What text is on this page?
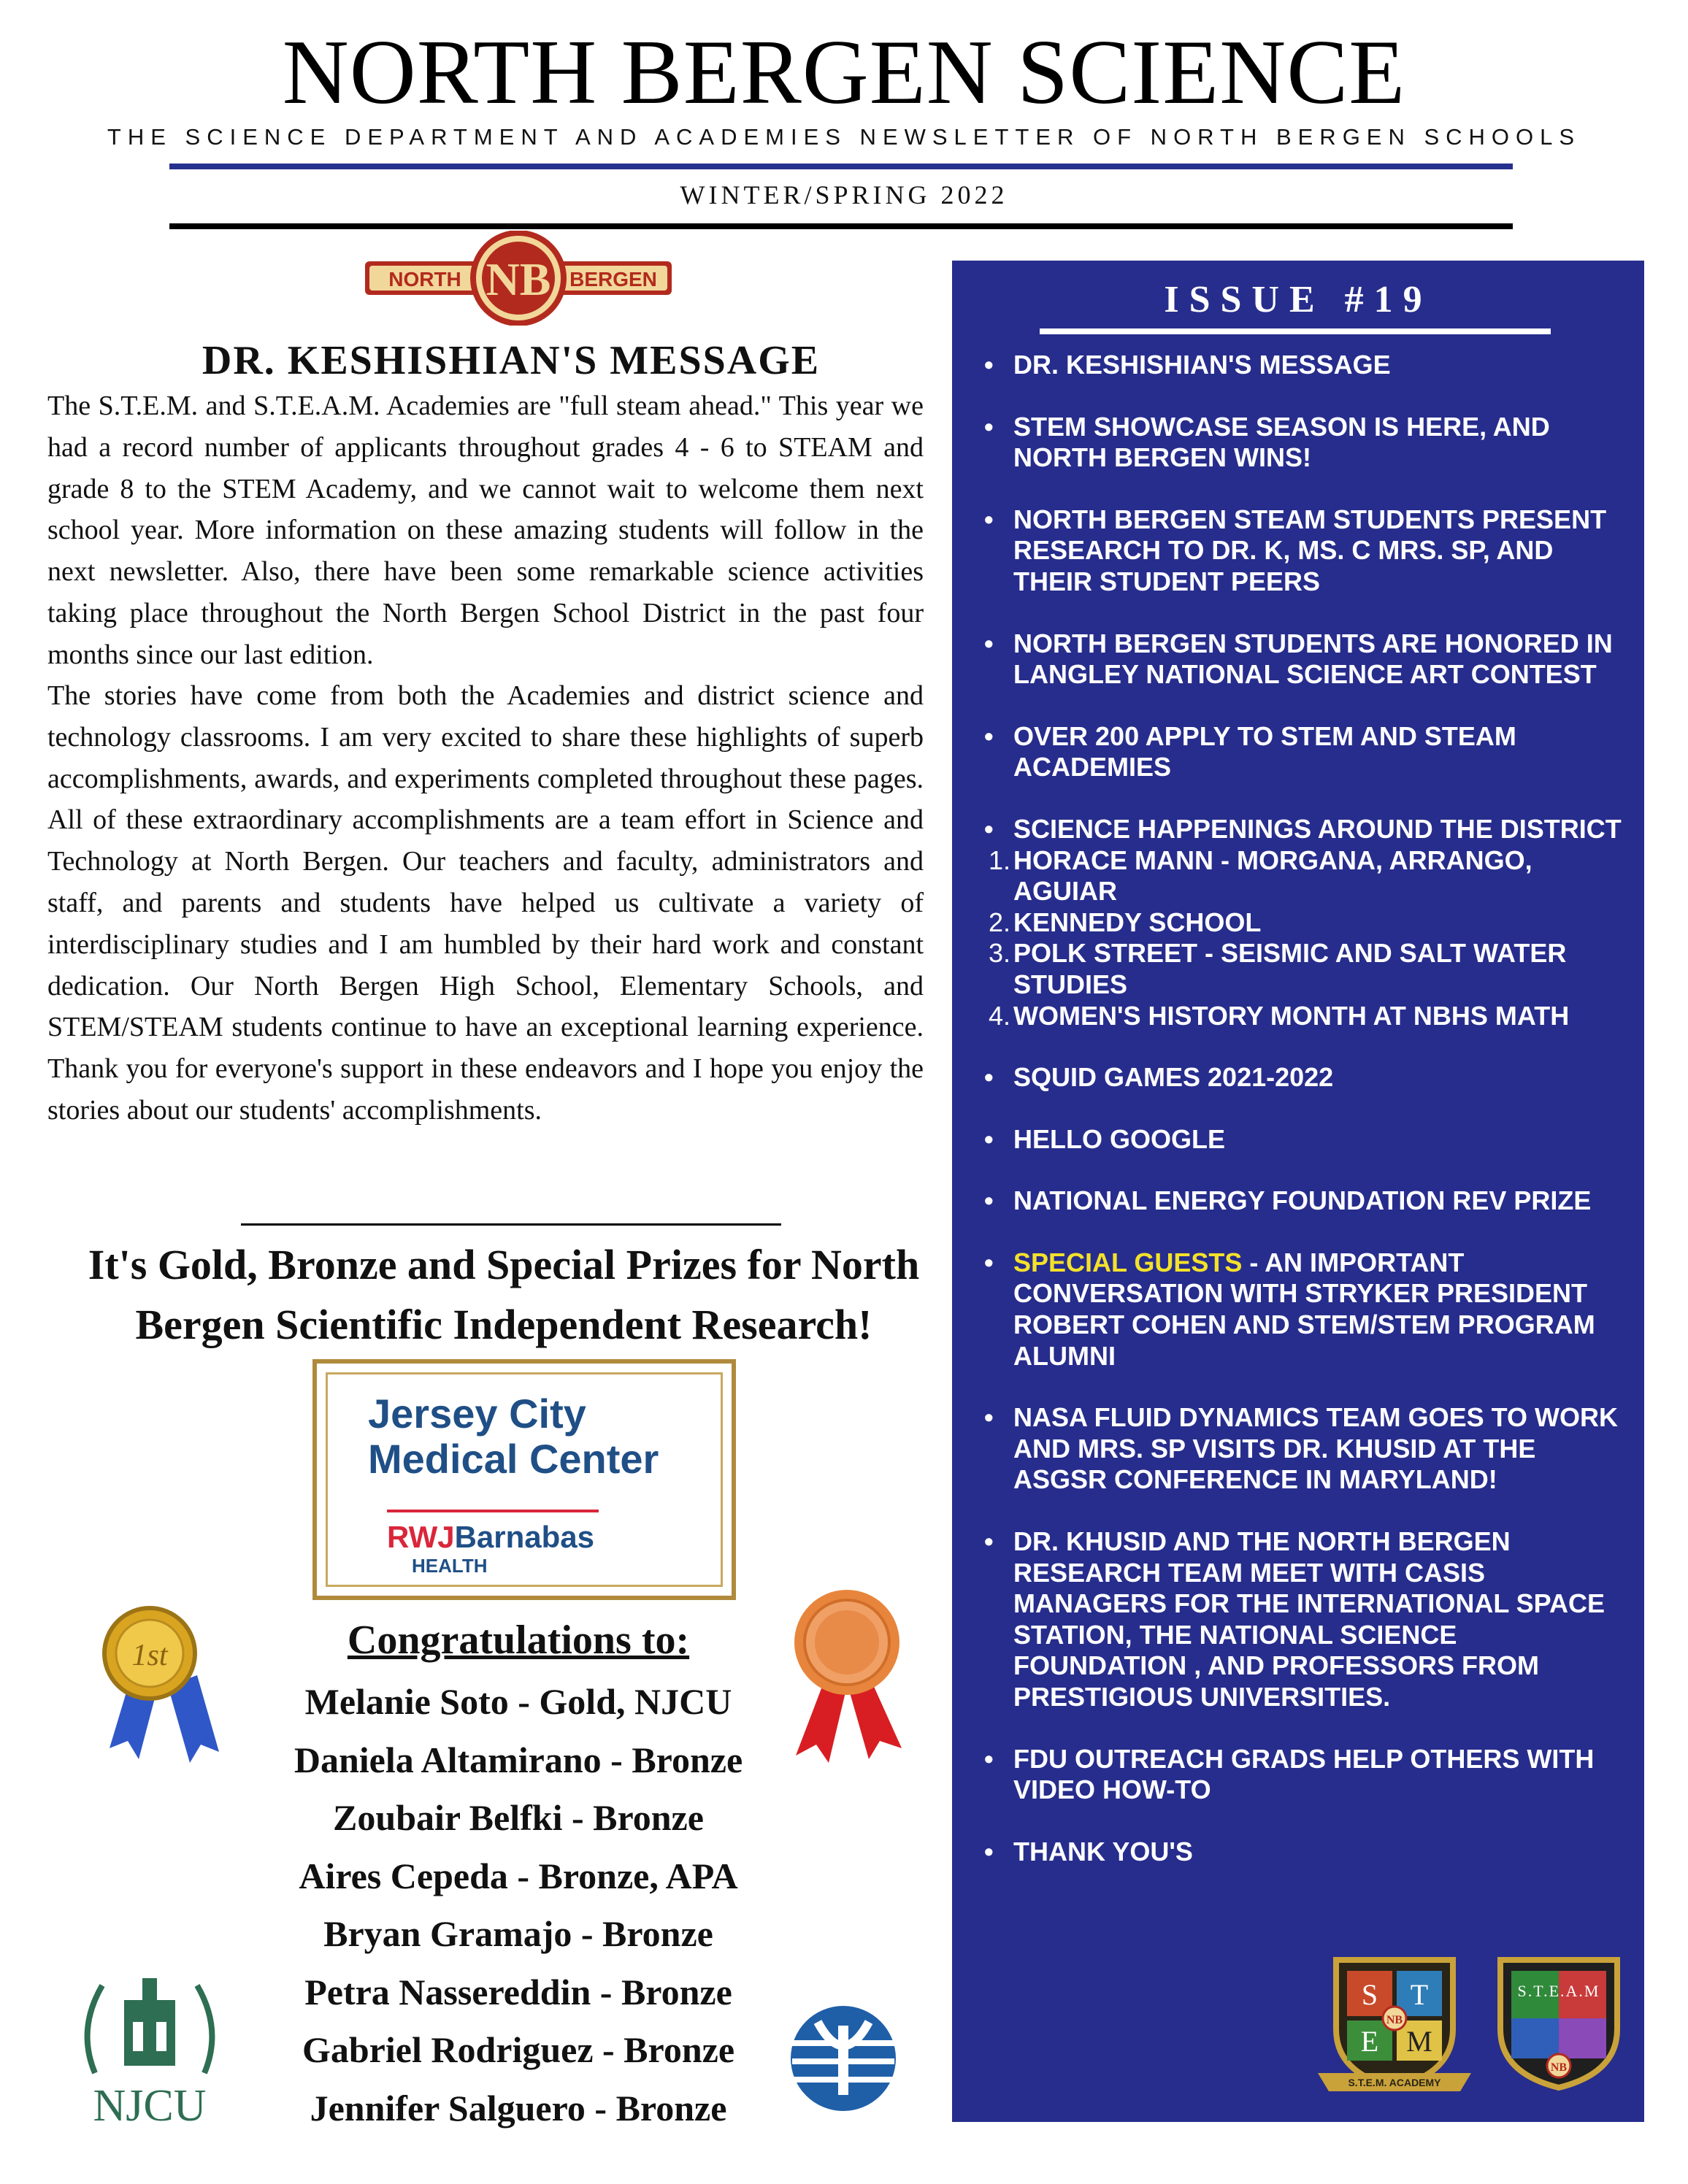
NORTH BERGEN SCIENCE
THE SCIENCE DEPARTMENT AND ACADEMIES NEWSLETTER OF NORTH BERGEN SCHOOLS
WINTER/SPRING 2022
NB
NORTH	BERGEN
DR. KESHISHIAN'S MESSAGE

The S.T.E.M. and S.T.E.A.M. Academies are "full steam ahead." This year we had a record number of applicants throughout grades 4 - 6 to STEAM and grade 8 to the STEM Academy, and we cannot wait to welcome them next school year. More information on these amazing students will follow in the next newsletter. Also, there have been some remarkable science activities taking place throughout the North Bergen School District in the past four months since our last edition.

The stories have come from both the Academies and district science and technology classrooms. I am very excited to share these highlights of superb accomplishments, awards, and experiments completed throughout these pages. All of these extraordinary accomplishments are a team effort in Science and Technology at North Bergen. Our teachers and faculty, administrators and staff, and parents and students have helped us cultivate a variety of interdisciplinary studies and I am humbled by their hard work and constant dedication. Our North Bergen High School, Elementary Schools, and STEM/STEAM students continue to have an exceptional learning experience. Thank you for everyone's support in these endeavors and I hope you enjoy the stories about our students' accomplishments.

It's Gold, Bronze and Special Prizes for North Bergen Scientific Independent Research!
Jersey City Medical Center
RWJBarnabas
HEALTH
Congratulations to:
Melanie Soto - Gold, NJCU
Daniela Altamirano - Bronze
Zoubair Belfki - Bronze
Aires Cepeda - Bronze, APA
Bryan Gramajo - Bronze
Petra Nassereddin - Bronze
Gabriel Rodriguez - Bronze
Jennifer Salguero - Bronze
1st
NJCU
ISSUE #19
• DR. KESHISHIAN'S MESSAGE
• STEM SHOWCASE SEASON IS HERE, AND NORTH BERGEN WINS!
• NORTH BERGEN STEAM STUDENTS PRESENT RESEARCH TO DR. K, MS. C MRS. SP, AND THEIR STUDENT PEERS
• NORTH BERGEN STUDENTS ARE HONORED IN LANGLEY NATIONAL SCIENCE ART CONTEST
• OVER 200 APPLY TO STEM AND STEAM ACADEMIES
• SCIENCE HAPPENINGS AROUND THE DISTRICT
1. HORACE MANN - MORGANA, ARRANGO, AGUIAR
2. KENNEDY SCHOOL
3. POLK STREET - SEISMIC AND SALT WATER STUDIES
4. WOMEN'S HISTORY MONTH AT NBHS MATH
• SQUID GAMES 2021-2022
• HELLO GOOGLE
• NATIONAL ENERGY FOUNDATION REV PRIZE
• SPECIAL GUESTS - AN IMPORTANT CONVERSATION WITH STRYKER PRESIDENT ROBERT COHEN AND STEM/STEM PROGRAM ALUMNI
• NASA FLUID DYNAMICS TEAM GOES TO WORK AND MRS. SP VISITS DR. KHUSID AT THE ASGSR CONFERENCE IN MARYLAND!
• DR. KHUSID AND THE NORTH BERGEN RESEARCH TEAM MEET WITH CASIS MANAGERS FOR THE INTERNATIONAL SPACE STATION, THE NATIONAL SCIENCE FOUNDATION , AND PROFESSORS FROM PRESTIGIOUS UNIVERSITIES.
• FDU OUTREACH GRADS HELP OTHERS WITH VIDEO HOW-TO
• THANK YOU'S
S T
E M
NB
S.T.E.M. ACADEMY
S.T.E.A.M
NB
